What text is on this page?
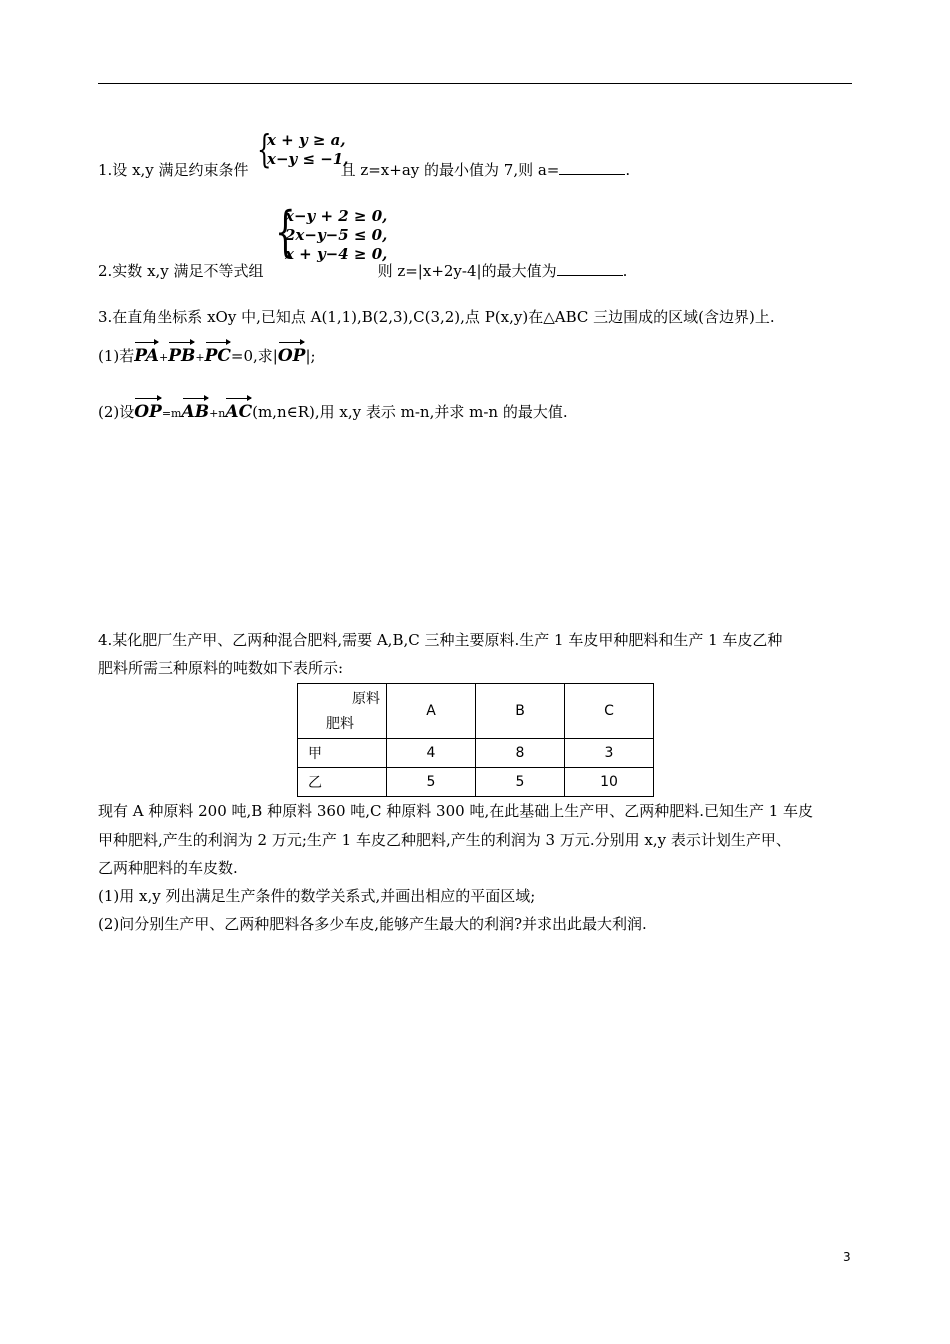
{
x + y ≥ a,
x−y ≤ −1,
1.设 x,y 满足约束条件	且 z=x+ay 的最小值为 7,则 a=	.
{
x−y + 2 ≥ 0,
2x−y−5 ≤ 0,
x + y−4 ≥ 0,
2.实数 x,y 满足不等式组	则 z=|x+2y-4|的最大值为	.
3.在直角坐标系 xOy 中,已知点 A(1,1),B(2,3),C(3,2),点 P(x,y)在△ABC 三边围成的区域(含边界)上.
(1)若PA+PB+PC=0,求|OP|;
(2)设OP=mAB+nAC(m,n∈R),用 x,y 表示 m-n,并求 m-n 的最大值.
4.某化肥厂生产甲、乙两种混合肥料,需要 A,B,C 三种主要原料.生产 1 车皮甲种肥料和生产 1 车皮乙种
肥料所需三种原料的吨数如下表所示:
原料
肥料	A	B	C
甲	4	8	3
乙	5	5	10
现有 A 种原料 200 吨,B 种原料 360 吨,C 种原料 300 吨,在此基础上生产甲、乙两种肥料.已知生产 1 车皮
甲种肥料,产生的利润为 2 万元;生产 1 车皮乙种肥料,产生的利润为 3 万元.分别用 x,y 表示计划生产甲、
乙两种肥料的车皮数.
(1)用 x,y 列出满足生产条件的数学关系式,并画出相应的平面区域;
(2)问分别生产甲、乙两种肥料各多少车皮,能够产生最大的利润?并求出此最大利润.
3
